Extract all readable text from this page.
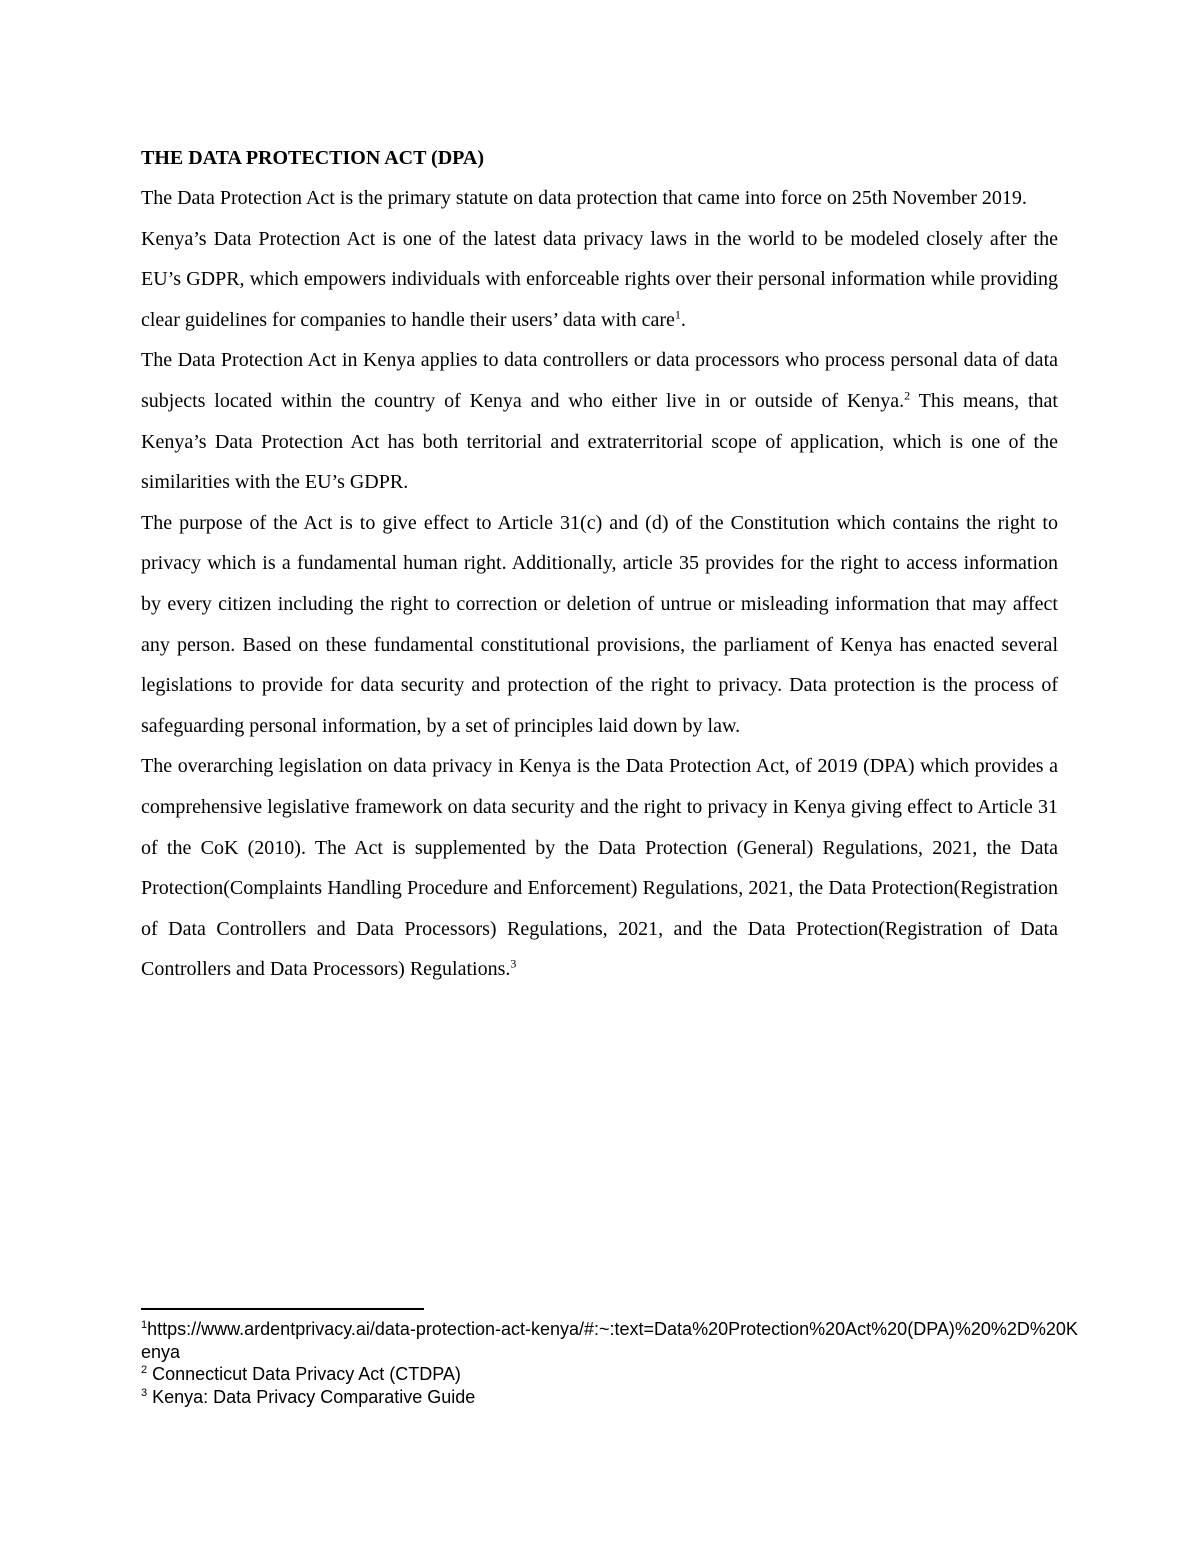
THE DATA PROTECTION ACT (DPA)

The Data Protection Act is the primary statute on data protection that came into force on 25th November 2019.

Kenya’s Data Protection Act is one of the latest data privacy laws in the world to be modeled closely after the EU’s GDPR, which empowers individuals with enforceable rights over their personal information while providing clear guidelines for companies to handle their users’ data with care$^1$.

The Data Protection Act in Kenya applies to data controllers or data processors who process personal data of data subjects located within the country of Kenya and who either live in or outside of Kenya.$^2$ This means, that Kenya’s Data Protection Act has both territorial and extraterritorial scope of application, which is one of the similarities with the EU’s GDPR.

The purpose of the Act is to give effect to Article 31(c) and (d) of the Constitution which contains the right to privacy which is a fundamental human right. Additionally, article 35 provides for the right to access information by every citizen including the right to correction or deletion of untrue or misleading information that may affect any person. Based on these fundamental constitutional provisions, the parliament of Kenya has enacted several legislations to provide for data security and protection of the right to privacy. Data protection is the process of safeguarding personal information, by a set of principles laid down by law.

The overarching legislation on data privacy in Kenya is the Data Protection Act, of 2019 (DPA) which provides a comprehensive legislative framework on data security and the right to privacy in Kenya giving effect to Article 31 of the CoK (2010). The Act is supplemented by the Data Protection (General) Regulations, 2021, the Data Protection(Complaints Handling Procedure and Enforcement) Regulations, 2021, the Data Protection(Registration of Data Controllers and Data Processors) Regulations, 2021, and the Data Protection(Registration of Data Controllers and Data Processors) Regulations.$^3$

$^1$https://www.ardentprivacy.ai/data-protection-act-kenya/#:~:text=Data%20Protection%20Act%20(DPA)%20%2D%20Kenya

$^2$ Connecticut Data Privacy Act (CTDPA)

$^3$ Kenya: Data Privacy Comparative Guide
